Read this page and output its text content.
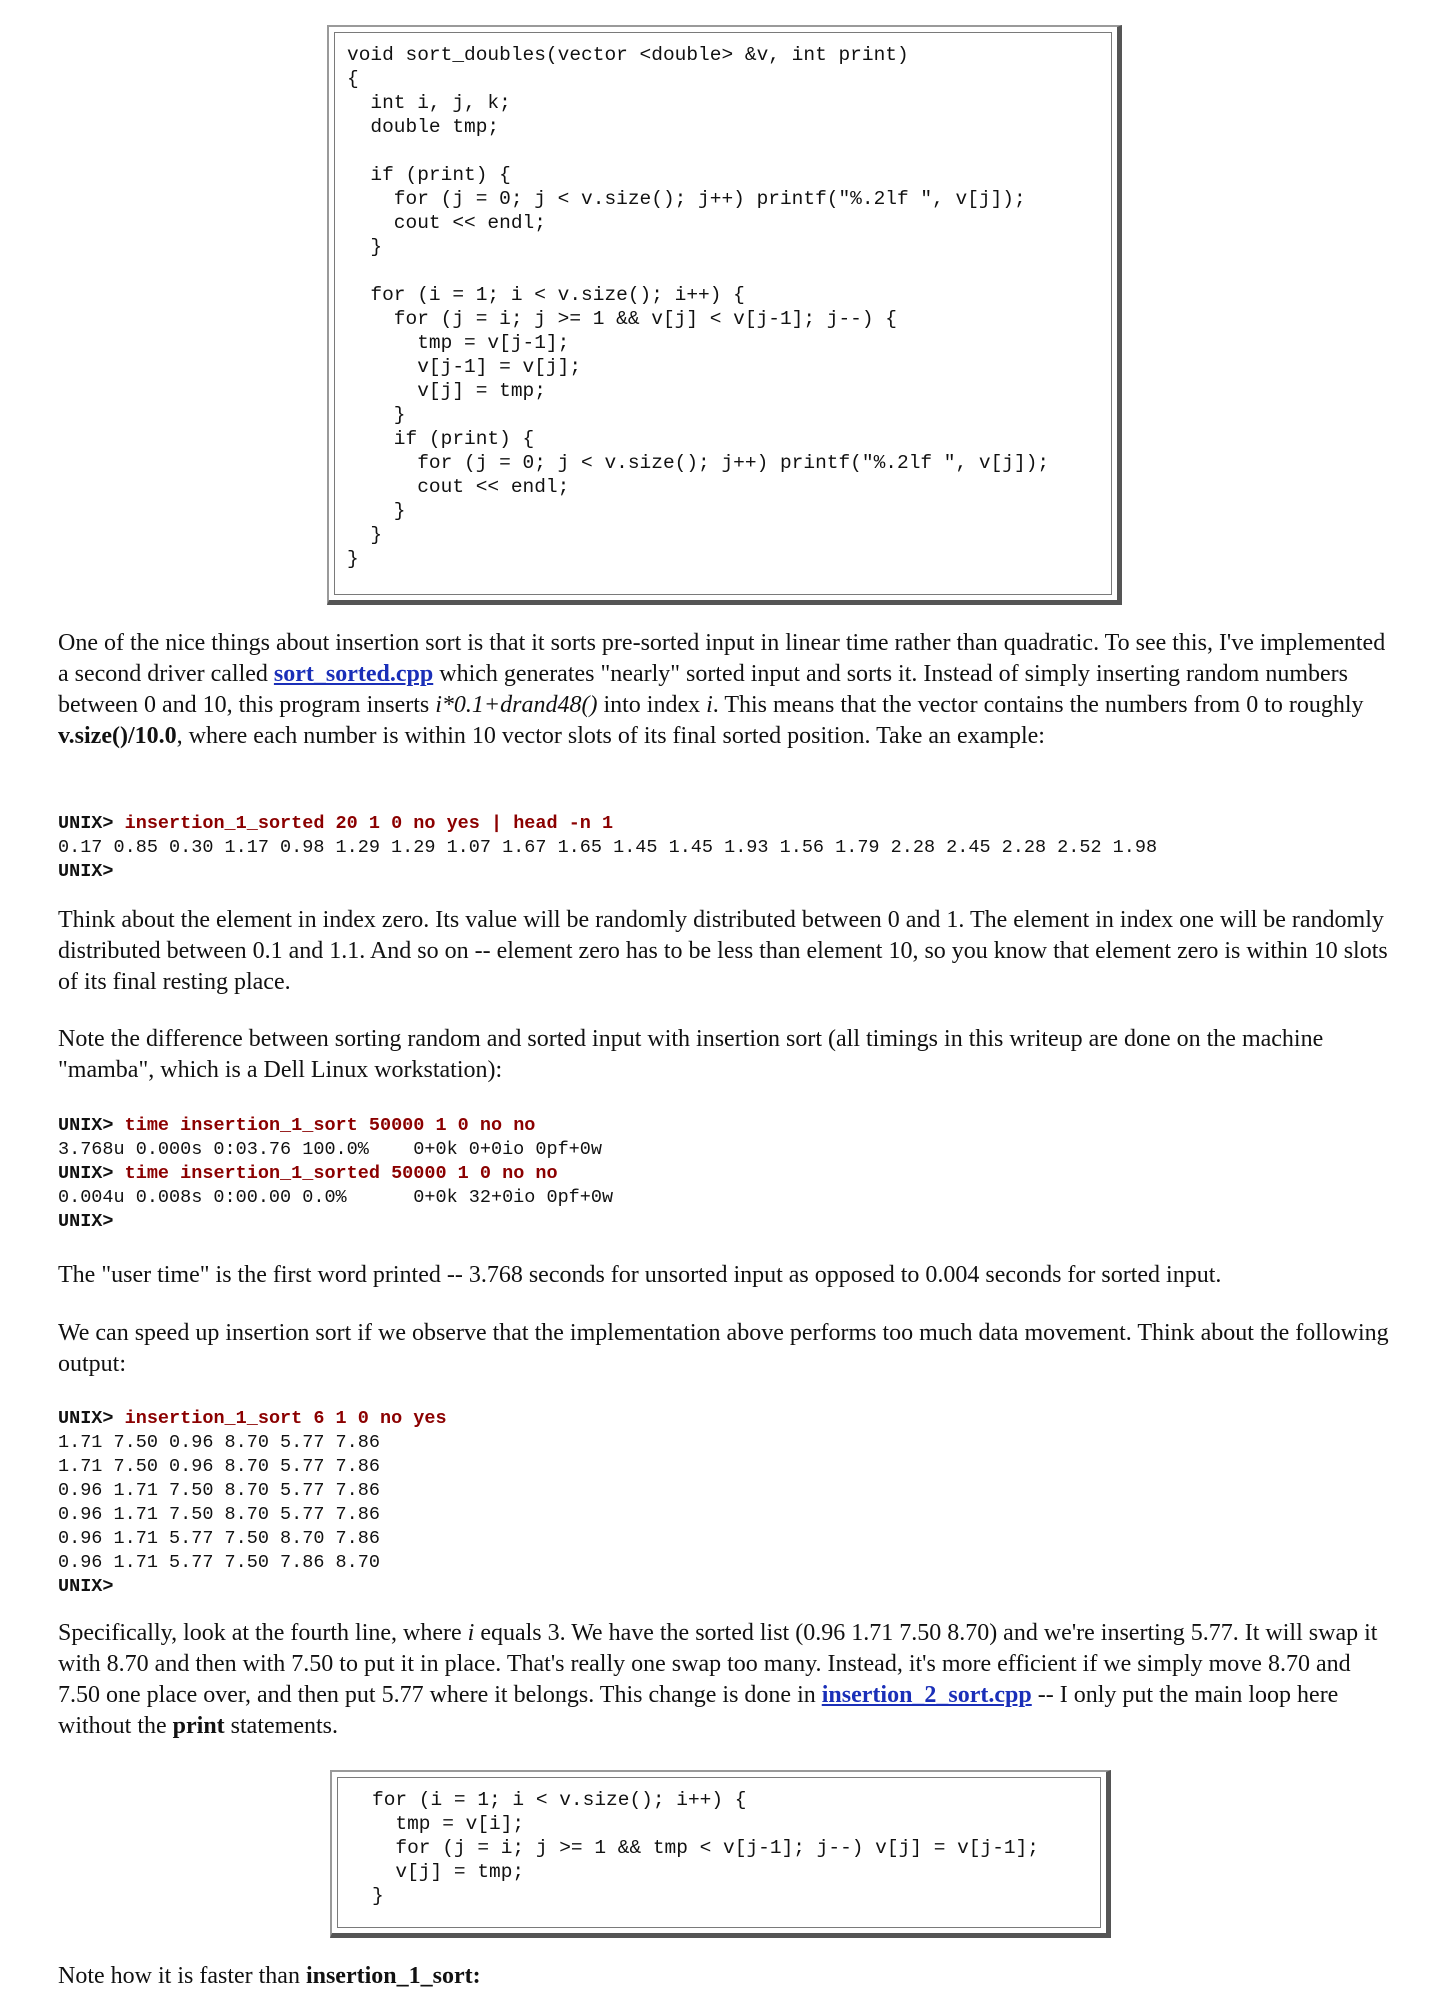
void sort_doubles(vector <double> &v, int print)
{
int i, j, k;
double tmp;

if (print) {
for (j = 0; j < v.size(); j++) printf("%.2lf ", v[j]);
cout << endl;
}

for (i = 1; i < v.size(); i++) {
for (j = i; j >= 1 && v[j] < v[j-1]; j--) {
tmp = v[j-1];
v[j-1] = v[j];
v[j] = tmp;
}
if (print) {
for (j = 0; j < v.size(); j++) printf("%.2lf ", v[j]);
cout << endl;
}
}
}

One of the nice things about insertion sort is that it sorts pre-sorted input in linear time rather than quadratic. To see this, I've implemented a second driver called sort_sorted.cpp which generates "nearly" sorted input and sorts it. Instead of simply inserting random numbers between 0 and 10, this program inserts i*0.1+drand48() into index i. This means that the vector contains the numbers from 0 to roughly v.size()/10.0, where each number is within 10 vector slots of its final sorted position. Take an example:

UNIX> insertion_1_sorted 20 1 0 no yes | head -n 1
0.17 0.85 0.30 1.17 0.98 1.29 1.29 1.07 1.67 1.65 1.45 1.45 1.93 1.56 1.79 2.28 2.45 2.28 2.52 1.98
UNIX>

Think about the element in index zero. Its value will be randomly distributed between 0 and 1. The element in index one will be randomly distributed between 0.1 and 1.1. And so on -- element zero has to be less than element 10, so you know that element zero is within 10 slots of its final resting place.

Note the difference between sorting random and sorted input with insertion sort (all timings in this writeup are done on the machine "mamba", which is a Dell Linux workstation):

UNIX> time insertion_1_sort 50000 1 0 no no
3.768u 0.000s 0:03.76 100.0%    0+0k 0+0io 0pf+0w
UNIX> time insertion_1_sorted 50000 1 0 no no
0.004u 0.008s 0:00.00 0.0%      0+0k 32+0io 0pf+0w
UNIX>

The "user time" is the first word printed -- 3.768 seconds for unsorted input as opposed to 0.004 seconds for sorted input.

We can speed up insertion sort if we observe that the implementation above performs too much data movement. Think about the following output:

UNIX> insertion_1_sort 6 1 0 no yes
1.71 7.50 0.96 8.70 5.77 7.86
1.71 7.50 0.96 8.70 5.77 7.86
0.96 1.71 7.50 8.70 5.77 7.86
0.96 1.71 7.50 8.70 5.77 7.86
0.96 1.71 5.77 7.50 8.70 7.86
0.96 1.71 5.77 7.50 7.86 8.70
UNIX>

Specifically, look at the fourth line, where i equals 3. We have the sorted list (0.96 1.71 7.50 8.70) and we're inserting 5.77. It will swap it with 8.70 and then with 7.50 to put it in place. That's really one swap too many. Instead, it's more efficient if we simply move 8.70 and 7.50 one place over, and then put 5.77 where it belongs. This change is done in insertion_2_sort.cpp -- I only put the main loop here without the print statements.

for (i = 1; i < v.size(); i++) {
tmp = v[i];
for (j = i; j >= 1 && tmp < v[j-1]; j--) v[j] = v[j-1];
v[j] = tmp;
}

Note how it is faster than insertion_1_sort:
